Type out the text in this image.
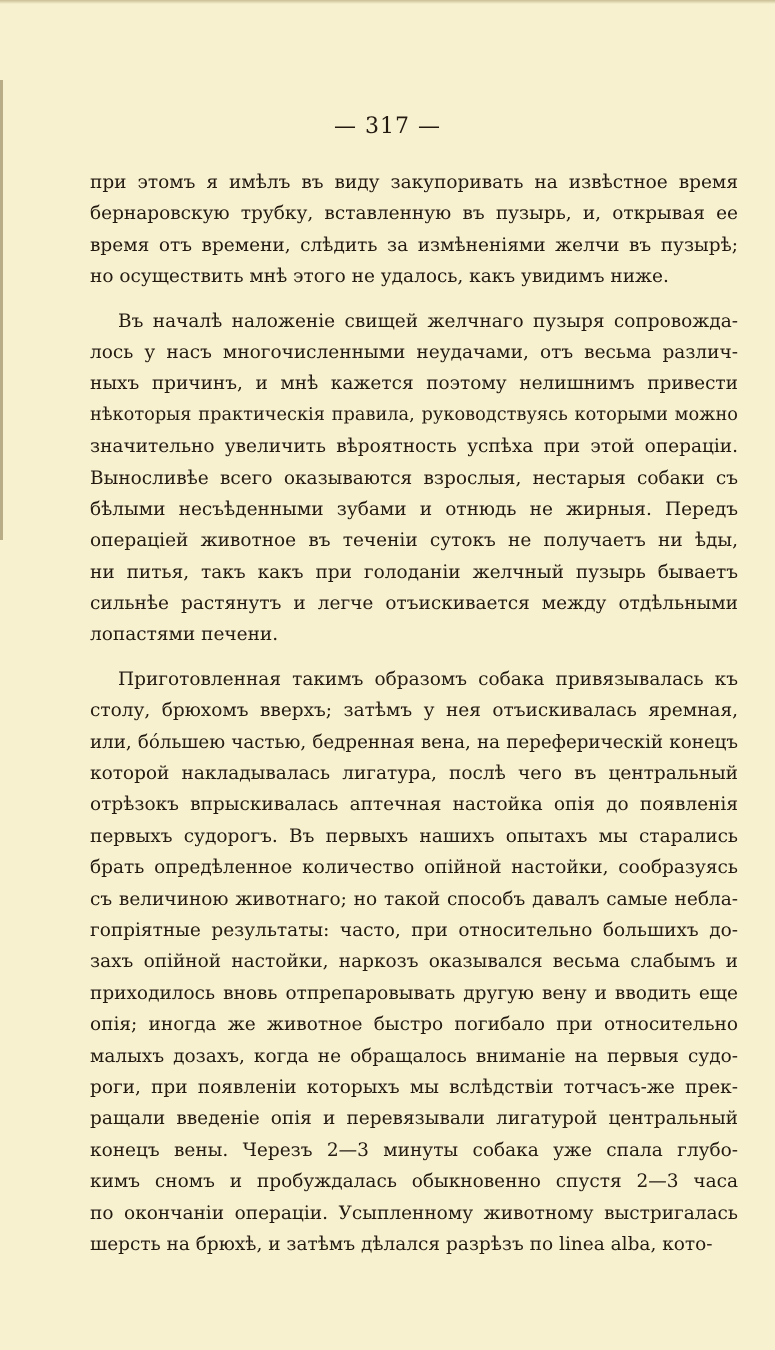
— 317 —
при этомъ я имѣлъ въ виду закупоривать на извѣстное время
бернаровскую трубку, вставленную въ пузырь, и, открывая ее
время отъ времени, слѣдить за измѣненіями желчи въ пузырѣ;
но осуществить мнѣ этого не удалось, какъ увидимъ ниже.
Въ началѣ наложеніе свищей желчнаго пузыря сопровожда-
лось у насъ многочисленными неудачами, отъ весьма различ-
ныхъ причинъ, и мнѣ кажется поэтому нелишнимъ привести
нѣкоторыя практическія правила, руководствуясь которыми можно
значительно увеличить вѣроятность успѣха при этой операціи.
Выносливѣе всего оказываются взрослыя, нестарыя собаки съ
бѣлыми несъѣденными зубами и отнюдь не жирныя. Передъ
операціей животное въ теченіи сутокъ не получаетъ ни ѣды,
ни питья, такъ какъ при голоданіи желчный пузырь бываетъ
сильнѣе растянутъ и легче отъискивается между отдѣльными
лопастями печени.
Приготовленная такимъ образомъ собака привязывалась къ
столу, брюхомъ вверхъ; затѣмъ у нея отъискивалась яремная,
или, бо́льшею частью, бедренная вена, на переферическій конецъ
которой накладывалась лигатура, послѣ чего въ центральный
отрѣзокъ впрыскивалась аптечная настойка опія до появленія
первыхъ судорогъ. Въ первыхъ нашихъ опытахъ мы старались
брать опредѣленное количество опійной настойки, сообразуясь
съ величиною животнаго; но такой способъ давалъ самые небла-
гопріятные результаты: часто, при относительно большихъ до-
захъ опійной настойки, наркозъ оказывался весьма слабымъ и
приходилось вновь отпрепаровывать другую вену и вводить еще
опія; иногда же животное быстро погибало при относительно
малыхъ дозахъ, когда не обращалось вниманіе на первыя судо-
роги, при появленіи которыхъ мы вслѣдствіи тотчасъ-же прек-
ращали введеніе опія и перевязывали лигатурой центральный
конецъ вены. Черезъ 2—3 минуты собака уже спала глубо-
кимъ сномъ и пробуждалась обыкновенно спустя 2—3 часа
по окончаніи операціи. Усыпленному животному выстригалась
шерсть на брюхѣ, и затѣмъ дѣлался разрѣзъ по linea alba, кото-
